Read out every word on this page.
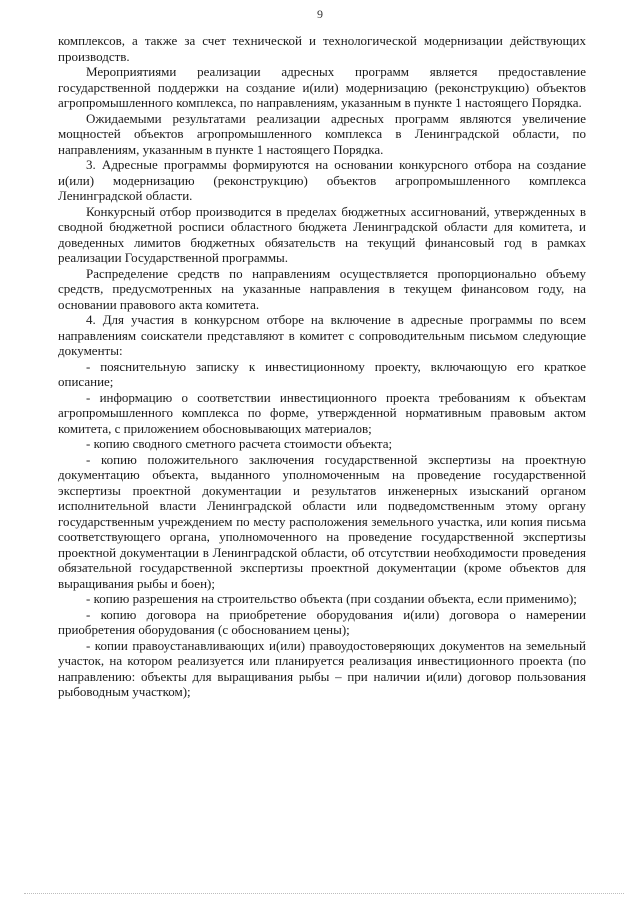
9

комплексов, а также за счет технической и технологической модернизации действующих производств.

Мероприятиями реализации адресных программ является предоставление государственной поддержки на создание и(или) модернизацию (реконструкцию) объектов агропромышленного комплекса, по направлениям, указанным в пункте 1 настоящего Порядка.

Ожидаемыми результатами реализации адресных программ являются увеличение мощностей объектов агропромышленного комплекса в Ленинградской области, по направлениям, указанным в пункте 1 настоящего Порядка.

3. Адресные программы формируются на основании конкурсного отбора на создание и(или) модернизацию (реконструкцию) объектов агропромышленного комплекса Ленинградской области.

Конкурсный отбор производится в пределах бюджетных ассигнований, утвержденных в сводной бюджетной росписи областного бюджета Ленинградской области для комитета, и доведенных лимитов бюджетных обязательств на текущий финансовый год в рамках реализации Государственной программы.

Распределение средств по направлениям осуществляется пропорционально объему средств, предусмотренных на указанные направления в текущем финансовом году, на основании правового акта комитета.

4. Для участия в конкурсном отборе на включение в адресные программы по всем направлениям соискатели представляют в комитет с сопроводительным письмом следующие документы:

- пояснительную записку к инвестиционному проекту, включающую его краткое описание;

- информацию о соответствии инвестиционного проекта требованиям к объектам агропромышленного комплекса по форме, утвержденной нормативным правовым актом комитета, с приложением обосновывающих материалов;

- копию сводного сметного расчета стоимости объекта;

- копию положительного заключения государственной экспертизы на проектную документацию объекта, выданного уполномоченным на проведение государственной экспертизы проектной документации и результатов инженерных изысканий органом исполнительной власти Ленинградской области или подведомственным этому органу государственным учреждением по месту расположения земельного участка, или копия письма соответствующего органа, уполномоченного на проведение государственной экспертизы проектной документации в Ленинградской области, об отсутствии необходимости проведения обязательной государственной экспертизы проектной документации (кроме объектов для выращивания рыбы и боен);

- копию разрешения на строительство объекта (при создании объекта, если применимо);

- копию договора на приобретение оборудования и(или) договора о намерении приобретения оборудования (с обоснованием цены);

- копии правоустанавливающих и(или) правоудостоверяющих документов на земельный участок, на котором реализуется или планируется реализация инвестиционного проекта (по направлению: объекты для выращивания рыбы – при наличии и(или) договор пользования рыбоводным участком);
